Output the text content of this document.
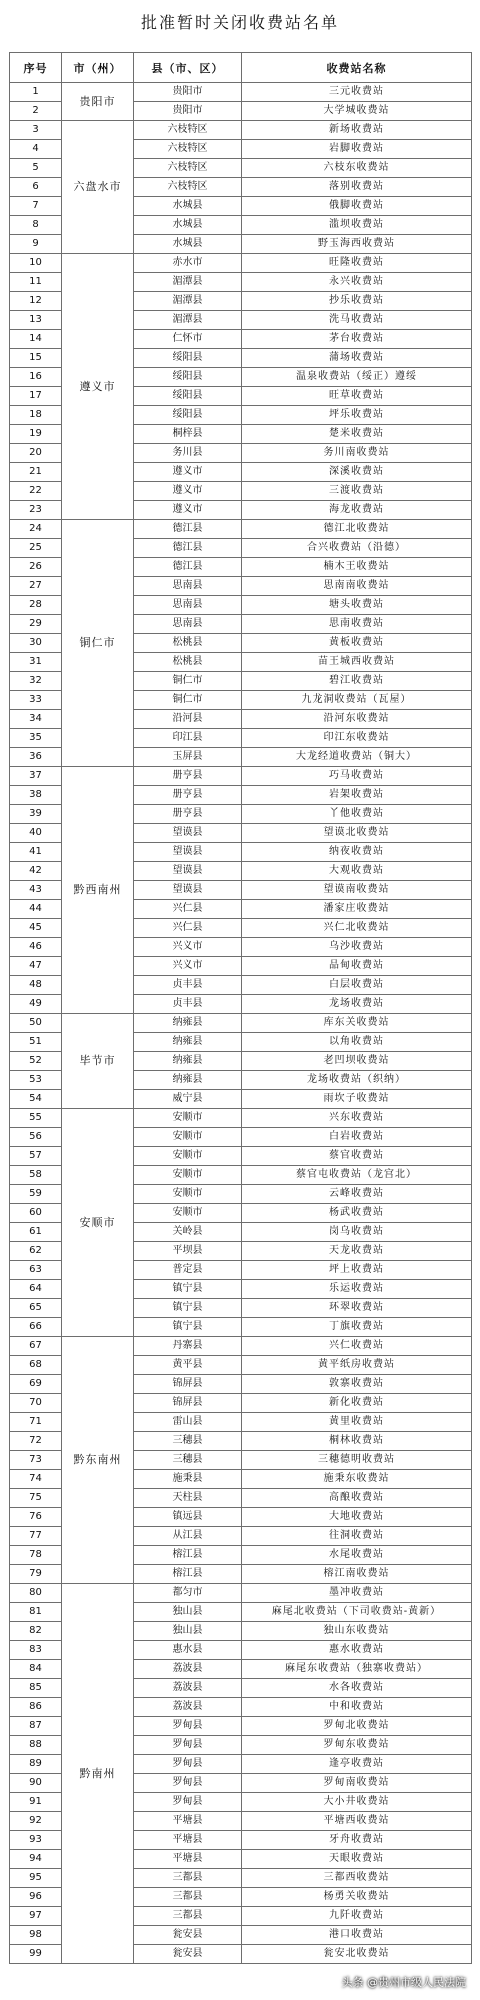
批准暂时关闭收费站名单
序号	市（州）	县（市、区）	收费站名称
1	贵阳市	贵阳市	三元收费站
2		贵阳市	大学城收费站
3	六盘水市	六枝特区	新场收费站
4		六枝特区	岩脚收费站
5		六枝特区	六枝东收费站
6		六枝特区	落别收费站
7		水城县	俄脚收费站
8		水城县	滥坝收费站
9		水城县	野玉海西收费站
10	遵义市	赤水市	旺隆收费站
11		湄潭县	永兴收费站
12		湄潭县	抄乐收费站
13		湄潭县	洗马收费站
14		仁怀市	茅台收费站
15		绥阳县	蒲场收费站
16		绥阳县	温泉收费站（绥正）遵绥
17		绥阳县	旺草收费站
18		绥阳县	坪乐收费站
19		桐梓县	楚米收费站
20		务川县	务川南收费站
21		遵义市	深溪收费站
22		遵义市	三渡收费站
23		遵义市	海龙收费站
24	铜仁市	德江县	德江北收费站
25		德江县	合兴收费站（沿德）
26		德江县	楠木王收费站
27		思南县	思南南收费站
28		思南县	塘头收费站
29		思南县	思南收费站
30		松桃县	黄板收费站
31		松桃县	苗王城西收费站
32		铜仁市	碧江收费站
33		铜仁市	九龙洞收费站（瓦屋）
34		沿河县	沿河东收费站
35		印江县	印江东收费站
36		玉屏县	大龙经道收费站（铜大）
37	黔西南州	册亨县	巧马收费站
38		册亨县	岩架收费站
39		册亨县	丫他收费站
40		望谟县	望谟北收费站
41		望谟县	纳夜收费站
42		望谟县	大观收费站
43		望谟县	望谟南收费站
44		兴仁县	潘家庄收费站
45		兴仁县	兴仁北收费站
46		兴义市	乌沙收费站
47		兴义市	品甸收费站
48		贞丰县	白层收费站
49		贞丰县	龙场收费站
50	毕节市	纳雍县	库东关收费站
51		纳雍县	以角收费站
52		纳雍县	老凹坝收费站
53		纳雍县	龙场收费站（织纳）
54		威宁县	雨坎子收费站
55	安顺市	安顺市	兴东收费站
56		安顺市	白岩收费站
57		安顺市	蔡官收费站
58		安顺市	蔡官屯收费站（龙宫北）
59		安顺市	云峰收费站
60		安顺市	杨武收费站
61		关岭县	岗乌收费站
62		平坝县	天龙收费站
63		普定县	坪上收费站
64		镇宁县	乐运收费站
65		镇宁县	环翠收费站
66		镇宁县	丁旗收费站
67	黔东南州	丹寨县	兴仁收费站
68		黄平县	黄平纸房收费站
69		锦屏县	敦寨收费站
70		锦屏县	新化收费站
71		雷山县	黄里收费站
72		三穗县	桐林收费站
73		三穗县	三穗德明收费站
74		施秉县	施秉东收费站
75		天柱县	高酿收费站
76		镇远县	大地收费站
77		从江县	往洞收费站
78		榕江县	水尾收费站
79		榕江县	榕江南收费站
80	黔南州	都匀市	墨冲收费站
81		独山县	麻尾北收费站（下司收费站-黄新）
82		独山县	独山东收费站
83		惠水县	惠水收费站
84		荔波县	麻尾东收费站（独寨收费站）
85		荔波县	水各收费站
86		荔波县	中和收费站
87		罗甸县	罗甸北收费站
88		罗甸县	罗甸东收费站
89		罗甸县	逢亭收费站
90		罗甸县	罗甸南收费站
91		罗甸县	大小井收费站
92		平塘县	平塘西收费站
93		平塘县	牙舟收费站
94		平塘县	天眼收费站
95		三都县	三都西收费站
96		三都县	杨勇关收费站
97		三都县	九阡收费站
98		瓮安县	港口收费站
99		瓮安县	瓮安北收费站
头条 @贵州市级人民法院
